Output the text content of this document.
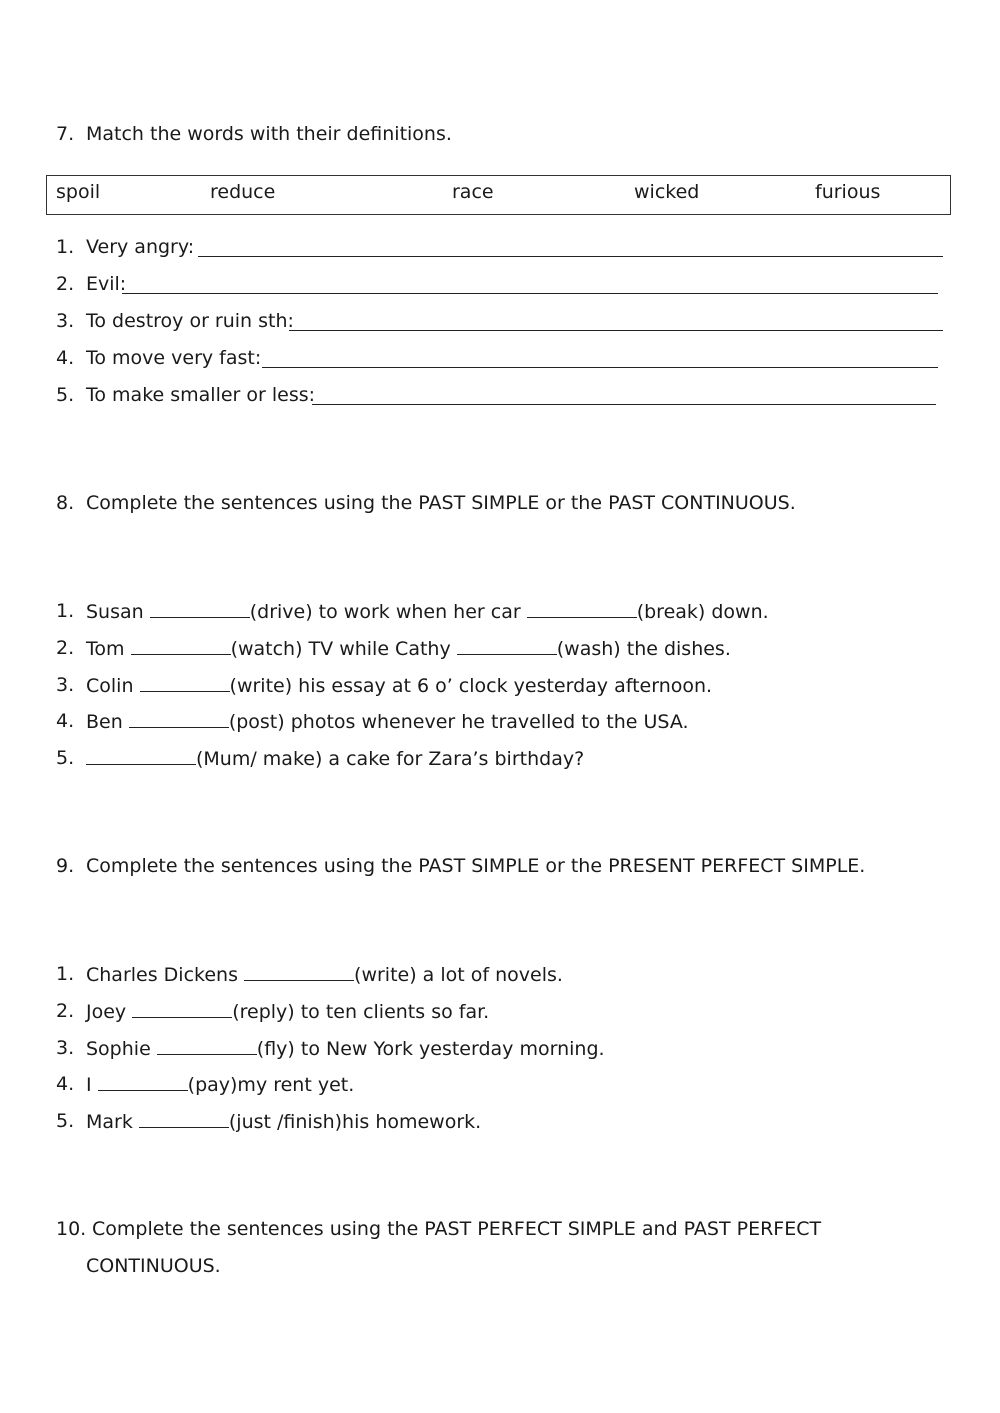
7. Match the words with their definitions.
spoil	reduce	race	wicked	furious
1. Very angry:
2. Evil:
3. To destroy or ruin sth:
4. To move very fast:
5. To make smaller or less:
8. Complete the sentences using the PAST SIMPLE or the PAST CONTINUOUS.
1. Susan	(drive) to work when her car	(break) down.
2. Tom	(watch) TV while Cathy	(wash) the dishes.
3. Colin	(write) his essay at 6 o’ clock yesterday afternoon.
4. Ben	(post) photos whenever he travelled to the USA.
5.	(Mum/ make) a cake for Zara’s birthday?
9. Complete the sentences using the PAST SIMPLE or the PRESENT PERFECT SIMPLE.
1. Charles Dickens	(write) a lot of novels.
2. Joey	(reply) to ten clients so far.
3. Sophie	(fly) to New York yesterday morning.
4. I	(pay)my rent yet.
5. Mark	(just /finish)his homework.
10. Complete the sentences using the PAST PERFECT SIMPLE and PAST PERFECT
CONTINUOUS.
